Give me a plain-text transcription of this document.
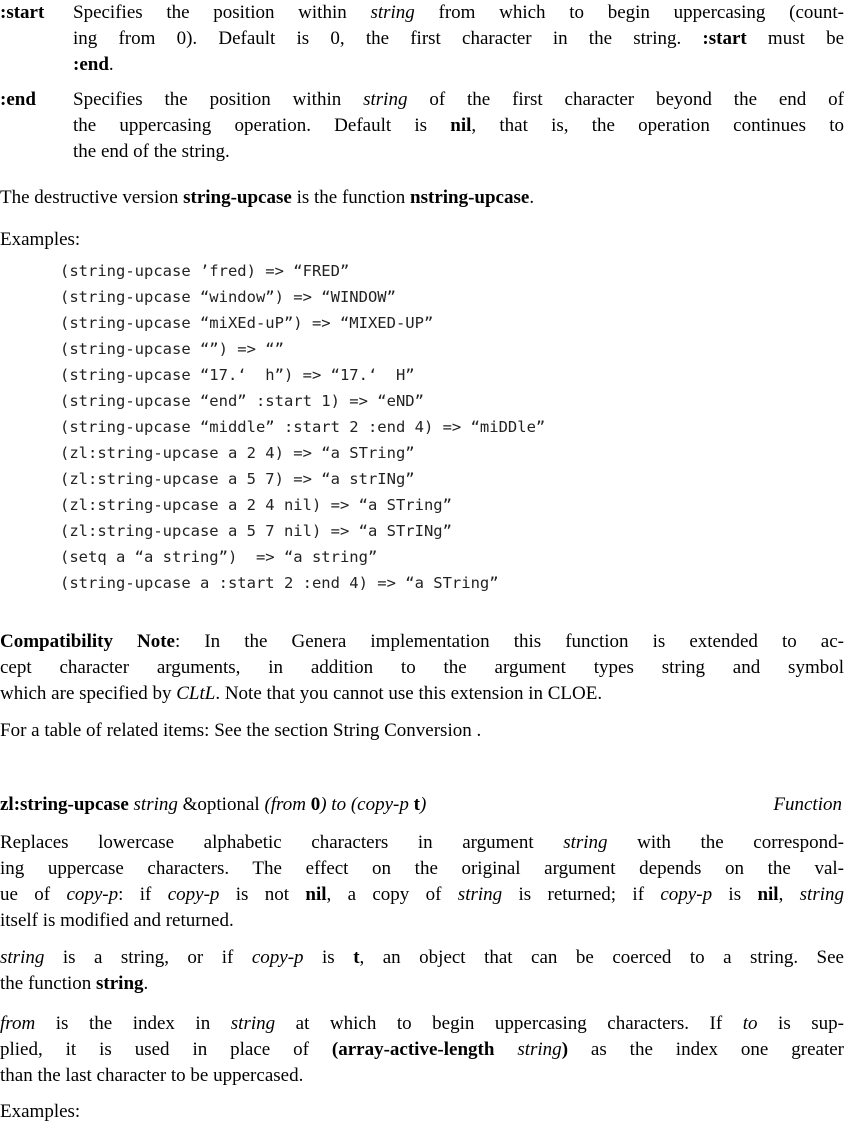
:start Specifies the position within string from which to begin uppercasing (count-
ing from 0). Default is 0, the first character in the string. :start must be
:end.
:end Specifies the position within string of the first character beyond the end of
the uppercasing operation. Default is nil, that is, the operation continues to
the end of the string.
The destructive version string-upcase is the function nstring-upcase.
Examples:
(string-upcase ’fred) => “FRED”
(string-upcase “window”) => “WINDOW”
(string-upcase “miXEd-uP”) => “MIXED-UP”
(string-upcase “”) => “”
(string-upcase “17.‘  h”) => “17.‘  H”
(string-upcase “end” :start 1) => “eND”
(string-upcase “middle” :start 2 :end 4) => “miDDle”
(zl:string-upcase a 2 4) => “a STring”
(zl:string-upcase a 5 7) => “a strINg”
(zl:string-upcase a 2 4 nil) => “a STring”
(zl:string-upcase a 5 7 nil) => “a STrINg”
(setq a “a string”)  => “a string”
(string-upcase a :start 2 :end 4) => “a STring”
Compatibility Note: In the Genera implementation this function is extended to ac-
cept character arguments, in addition to the argument types string and symbol
which are specified by CLtL. Note that you cannot use this extension in CLOE.
For a table of related items: See the section String Conversion .
zl:string-upcase string &optional (from 0) to (copy-p t)	Function
Replaces lowercase alphabetic characters in argument string with the correspond-
ing uppercase characters. The effect on the original argument depends on the val-
ue of copy-p: if copy-p is not nil, a copy of string is returned; if copy-p is nil, string
itself is modified and returned.
string is a string, or if copy-p is t, an object that can be coerced to a string. See
the function string.
from is the index in string at which to begin uppercasing characters. If to is sup-
plied, it is used in place of (array-active-length string) as the index one greater
than the last character to be uppercased.
Examples:
